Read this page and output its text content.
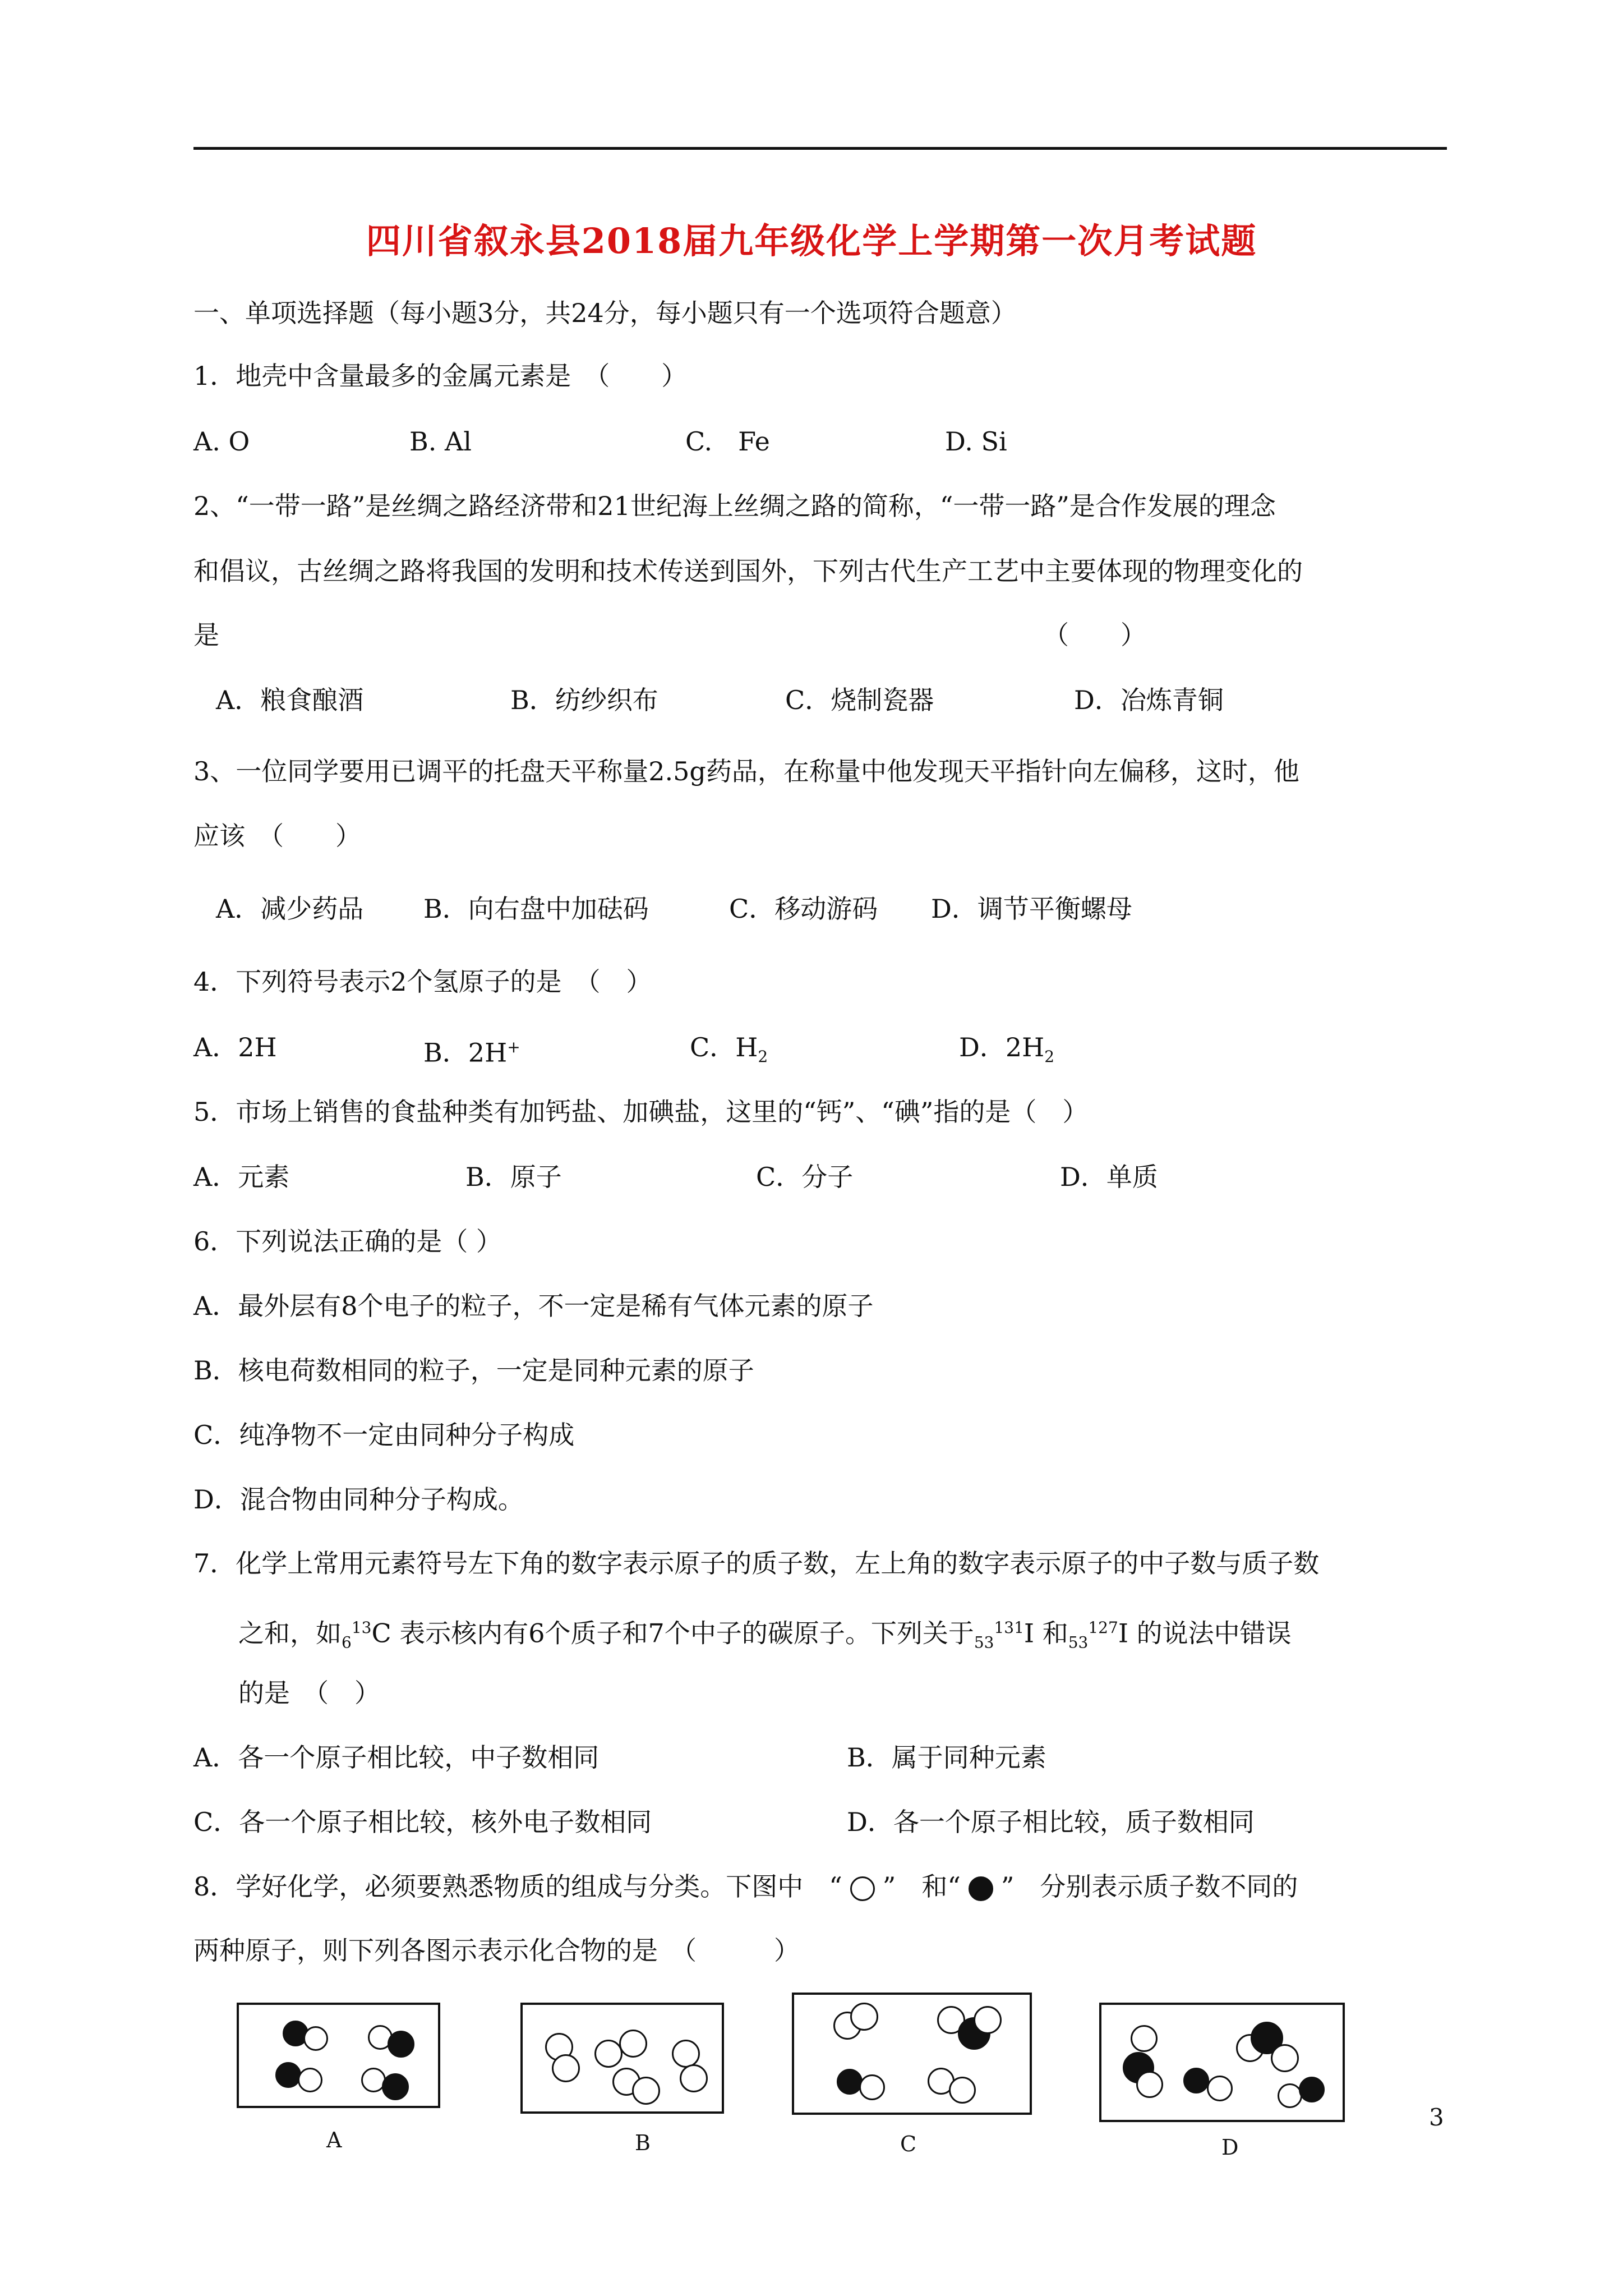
四川省叙永县2018届九年级化学上学期第一次月考试题
一、单项选择题（每小题3分，共24分，每小题只有一个选项符合题意）
1．地壳中含量最多的金属元素是　（　　）
A. O	B. Al	C.　Fe	D. Si
2、“一带一路”是丝绸之路经济带和21世纪海上丝绸之路的简称，“一带一路”是合作发展的理念
和倡议，古丝绸之路将我国的发明和技术传送到国外，下列古代生产工艺中主要体现的物理变化的
是	（　　）
A．粮食酿酒	B．纺纱织布	C．烧制瓷器	D．冶炼青铜
3、一位同学要用已调平的托盘天平称量2.5g药品，在称量中他发现天平指针向左偏移，这时，他
应该　（　　）
A．减少药品 B．向右盘中加砝码	C．移动游码 D．调节平衡螺母
4．下列符号表示2个氢原子的是　（　）
A．2H	B．2H+	C．$H_2$	D．$2H_2$
5．市场上销售的食盐种类有加钙盐、加碘盐，这里的“钙”、“碘”指的是（　）
A．元素	B．原子	C．分子	D．单质
6．下列说法正确的是（ ）
A．最外层有8个电子的粒子，不一定是稀有气体元素的原子
B．核电荷数相同的粒子，一定是同种元素的原子
C．纯净物不一定由同种分子构成
D．混合物由同种分子构成。
7．化学上常用元素符号左下角的数字表示原子的质子数，左上角的数字表示原子的中子数与质子数
之和，如$_6^{13}$C 表示核内有6个质子和7个中子的碳原子。下列关于$_{53}^{131}$I 和$_{53}^{127}$I 的说法中错误
的是　（　）
A．各一个原子相比较，中子数相同	B．属于同种元素
C．各一个原子相比较，核外电子数相同	D．各一个原子相比较，质子数相同
8．学好化学，必须要熟悉物质的组成与分类。下图中　“ ”　和“ ”　分别表示质子数不同的
两种原子，则下列各图示表示化合物的是　（　　　）
A	B	C	D
3
